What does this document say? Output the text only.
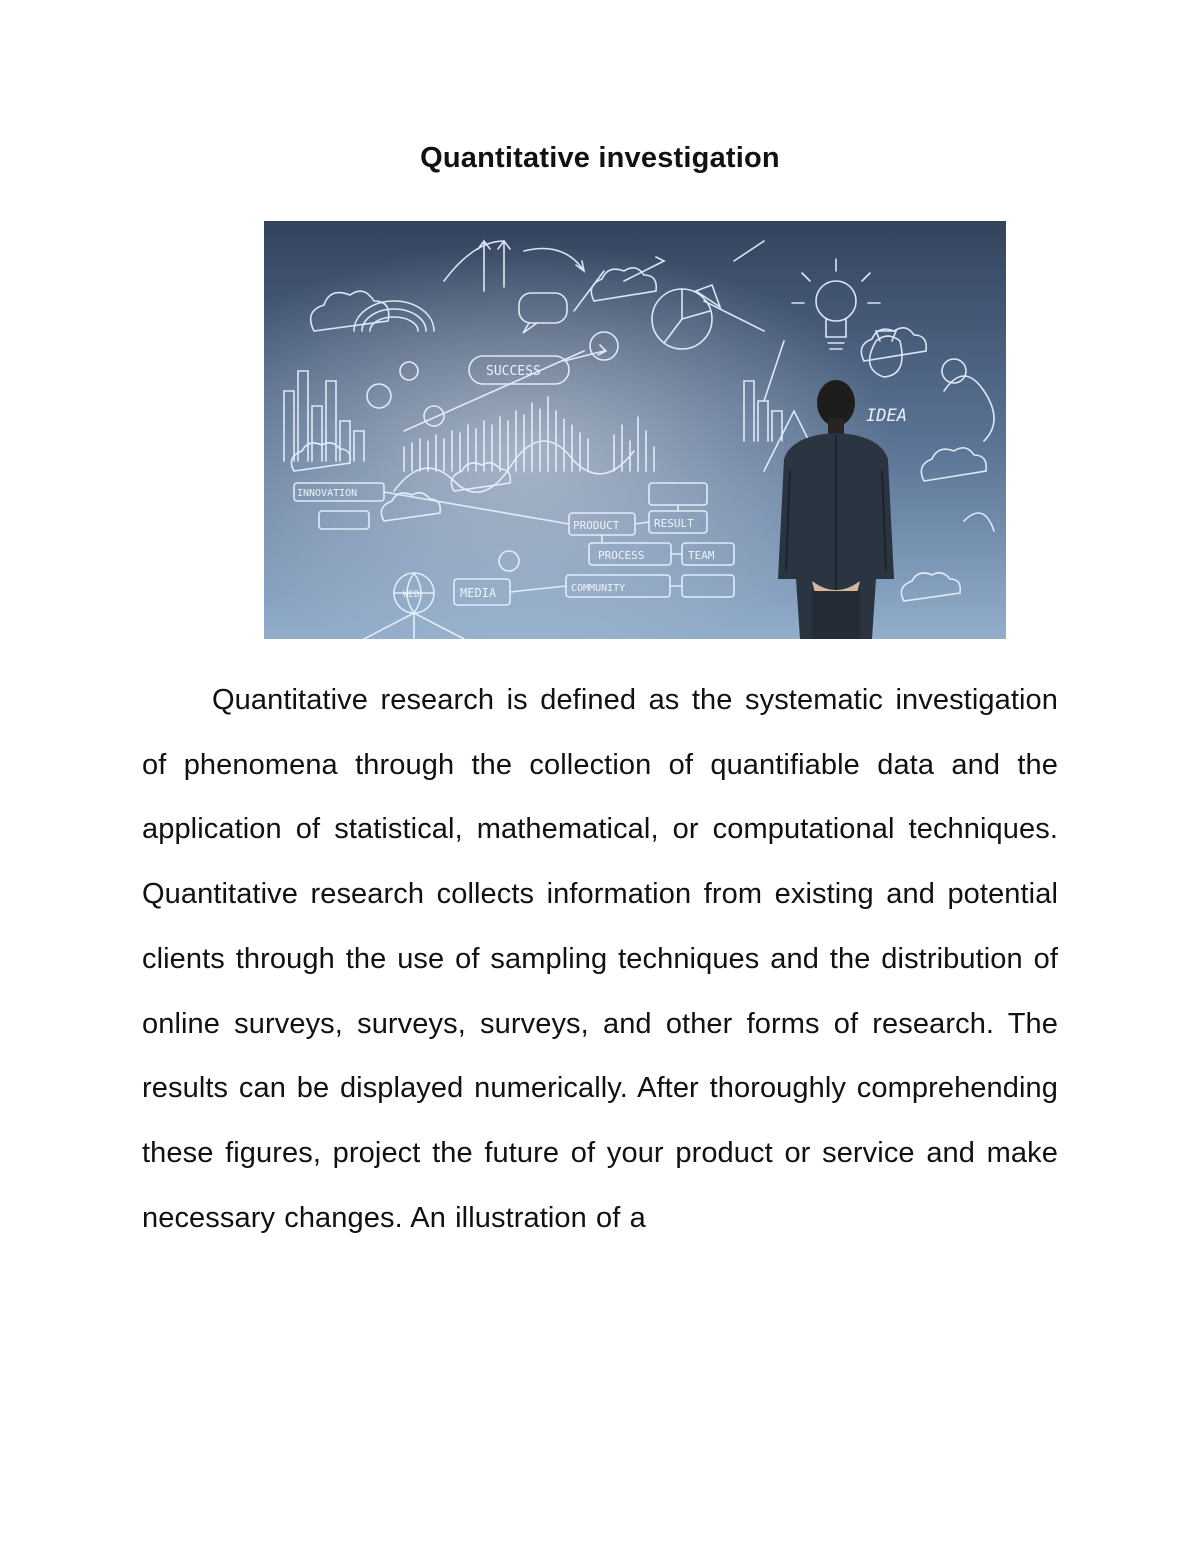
Quantitative investigation
SUCCESS
IDEA
PRODUCT	RESULT
PROCESS	TEAM
MEDIA	COMMUNITY
INNOVATION
WEB

Quantitative research is defined as the systematic investigation of phenomena through the collection of quantifiable data and the application of statistical, mathematical, or computational techniques. Quantitative research collects information from existing and potential clients through the use of sampling techniques and the distribution of online surveys, surveys, surveys, and other forms of research. The results can be displayed numerically. After thoroughly comprehending these figures, project the future of your product or service and make necessary changes. An illustration of a
